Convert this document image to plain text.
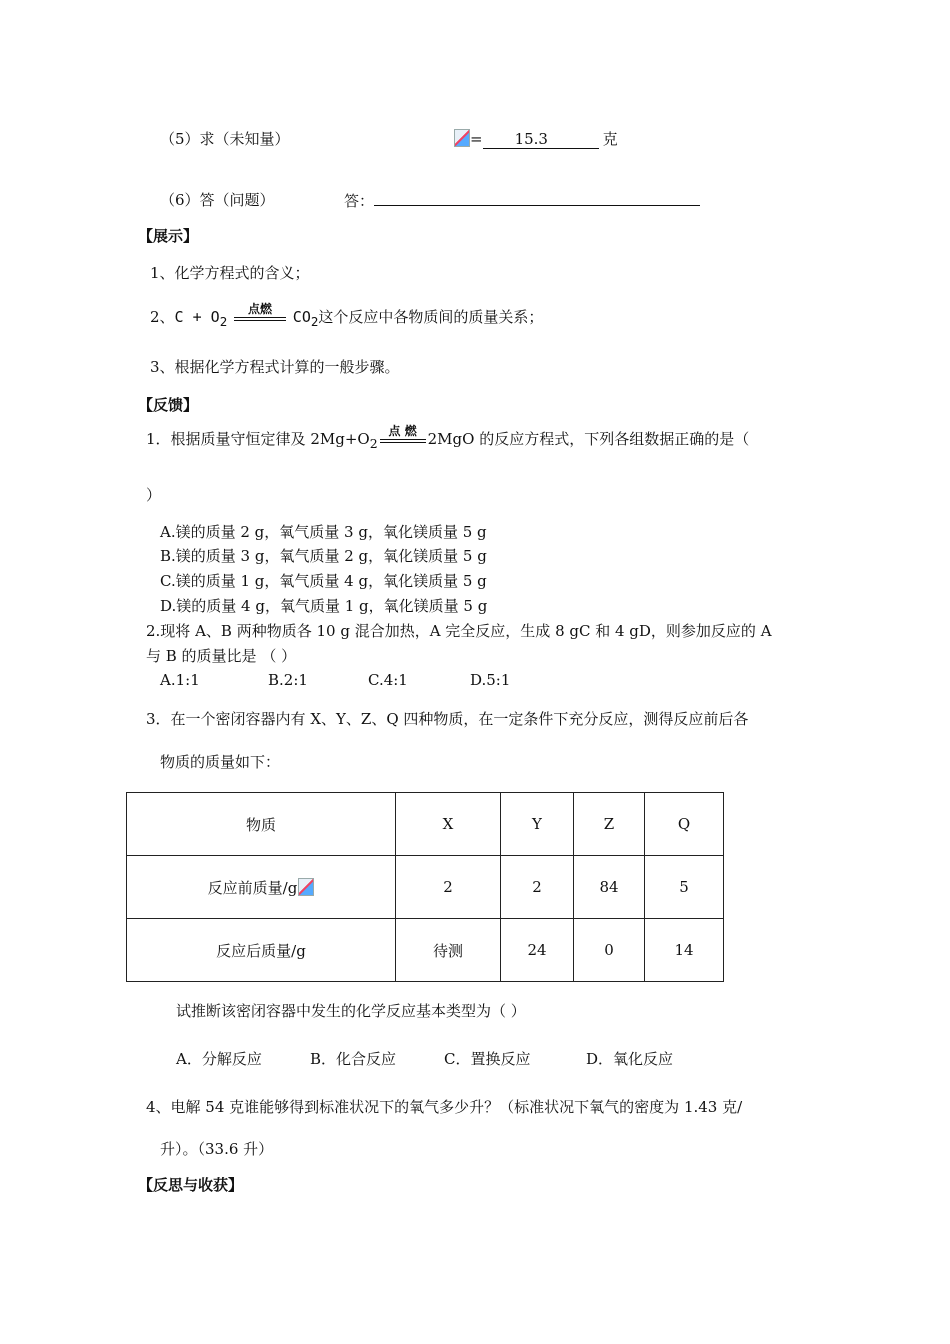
（5）求（未知量）	= 15.3	克
（6）答（问题）	答：
【展示】
1、化学方程式的含义；
2、$C + O_2$
点燃	$CO_2$这个反应中各物质间的质量关系；
3、根据化学方程式计算的一般步骤。
【反馈】
1．根据质量守恒定律及 $2Mg+O_2$
点 燃 2MgO 的反应方程式，下列各组数据正确的是（
）
A.镁的质量 2 g，氧气质量 3 g，氧化镁质量 5 g
B.镁的质量 3 g，氧气质量 2 g，氧化镁质量 5 g
C.镁的质量 1 g，氧气质量 4 g，氧化镁质量 5 g
D.镁的质量 4 g，氧气质量 1 g，氧化镁质量 5 g
2.现将 A、B 两种物质各 10 g 混合加热，A 完全反应，生成 8 gC 和 4 gD，则参加反应的 A
与 B 的质量比是 （ ）
A.1:1	B.2:1	C.4:1	D.5:1
3．在一个密闭容器内有 X、Y、Z、Q 四种物质，在一定条件下充分反应，测得反应前后各
物质的质量如下：
物质	X	Y	Z	Q
反应前质量/g	2	2	84	5
反应后质量/g	待测	24	0	14
试推断该密闭容器中发生的化学反应基本类型为（ ）
A．分解反应	B．化合反应	C．置换反应	D．氧化反应
4、电解 54 克谁能够得到标准状况下的氧气多少升？（标准状况下氧气的密度为 1.43 克/
升）。（33.6 升）
【反思与收获】
